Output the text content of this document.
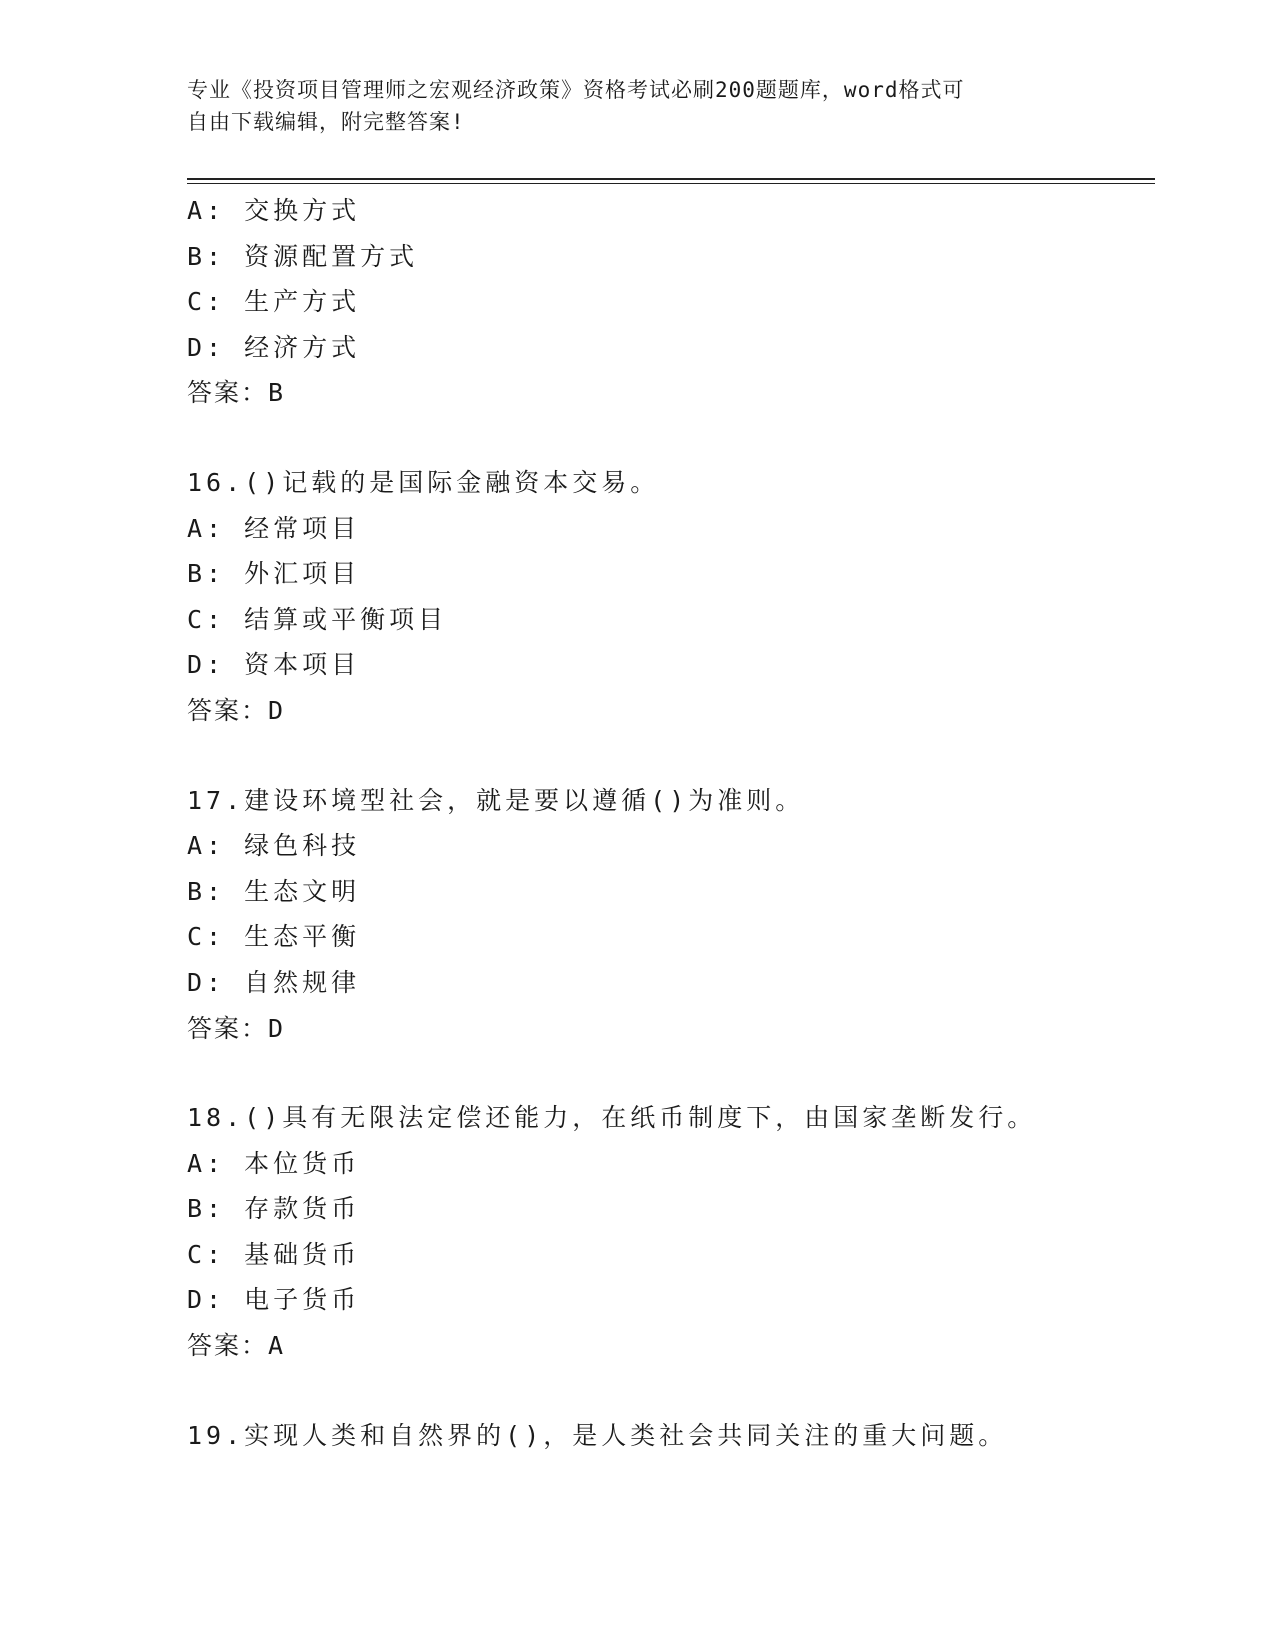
专业《投资项目管理师之宏观经济政策》资格考试必刷200题题库，word格式可
自由下载编辑，附完整答案!
A: 交换方式
B: 资源配置方式
C: 生产方式
D: 经济方式
答案：B
16.()记载的是国际金融资本交易。
A: 经常项目
B: 外汇项目
C: 结算或平衡项目
D: 资本项目
答案：D
17.建设环境型社会，就是要以遵循()为准则。
A: 绿色科技
B: 生态文明
C: 生态平衡
D: 自然规律
答案：D
18.()具有无限法定偿还能力，在纸币制度下，由国家垄断发行。
A: 本位货币
B: 存款货币
C: 基础货币
D: 电子货币
答案：A
19.实现人类和自然界的()，是人类社会共同关注的重大问题。
